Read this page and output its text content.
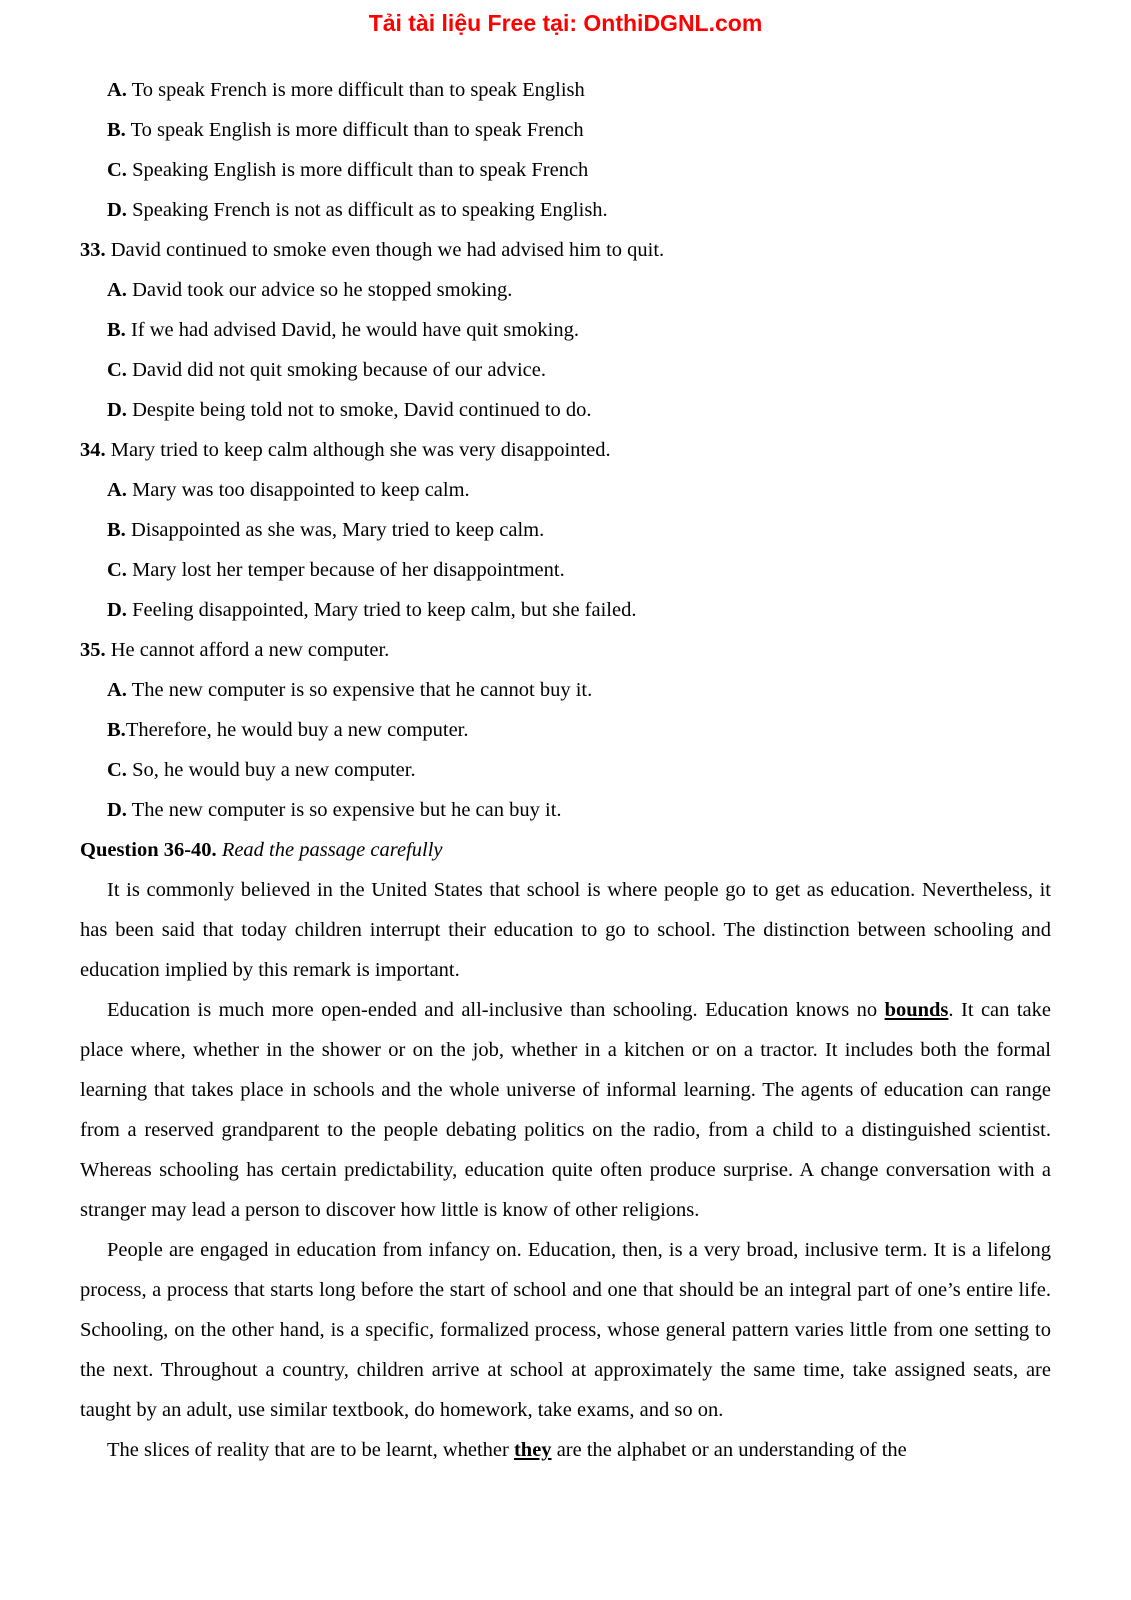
Tải tài liệu Free tại: OnthiDGNL.com

A. To speak French is more difficult than to speak English

B. To speak English is more difficult than to speak French

C. Speaking English is more difficult than to speak French

D. Speaking French is not as difficult as to speaking English.

33. David continued to smoke even though we had advised him to quit.

A. David took our advice so he stopped smoking.

B. If we had advised David, he would have quit smoking.

C. David did not quit smoking because of our advice.

D. Despite being told not to smoke, David continued to do.

34. Mary tried to keep calm although she was very disappointed.

A. Mary was too disappointed to keep calm.

B. Disappointed as she was, Mary tried to keep calm.

C. Mary lost her temper because of her disappointment.

D. Feeling disappointed, Mary tried to keep calm, but she failed.

35. He cannot afford a new computer.

A. The new computer is so expensive that he cannot buy it.

B.Therefore, he would buy a new computer.

C. So, he would buy a new computer.

D. The new computer is so expensive but he can buy it.

Question 36-40. Read the passage carefully

It is commonly believed in the United States that school is where people go to get as education. Nevertheless, it has been said that today children interrupt their education to go to school. The distinction between schooling and education implied by this remark is important.

Education is much more open-ended and all-inclusive than schooling. Education knows no bounds. It can take place where, whether in the shower or on the job, whether in a kitchen or on a tractor. It includes both the formal learning that takes place in schools and the whole universe of informal learning. The agents of education can range from a reserved grandparent to the people debating politics on the radio, from a child to a distinguished scientist. Whereas schooling has certain predictability, education quite often produce surprise. A change conversation with a stranger may lead a person to discover how little is know of other religions.

People are engaged in education from infancy on. Education, then, is a very broad, inclusive term. It is a lifelong process, a process that starts long before the start of school and one that should be an integral part of one’s entire life. Schooling, on the other hand, is a specific, formalized process, whose general pattern varies little from one setting to the next. Throughout a country, children arrive at school at approximately the same time, take assigned seats, are taught by an adult, use similar textbook, do homework, take exams, and so on.

The slices of reality that are to be learnt, whether they are the alphabet or an understanding of the
